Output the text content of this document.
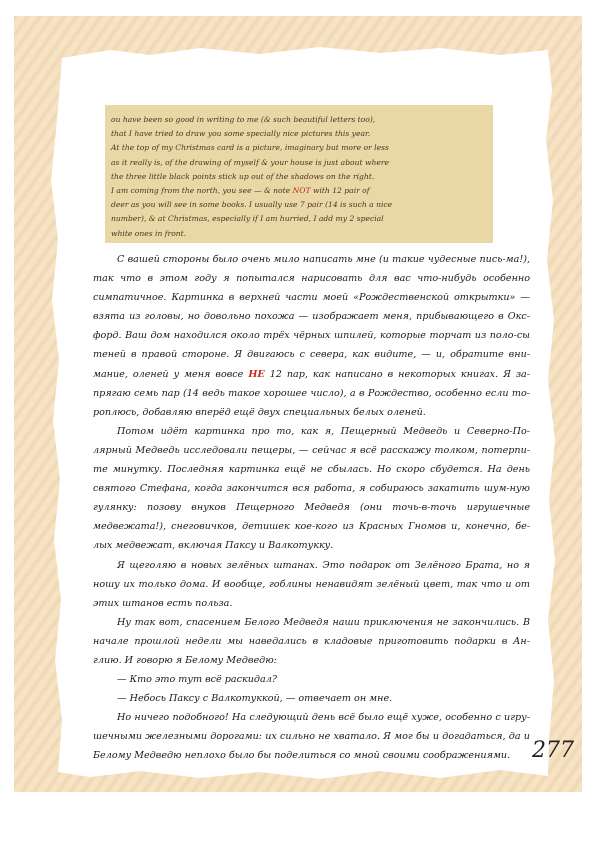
ou have been so good in writing to me (& such beautiful letters too),
that I have tried to draw you some specially nice pictures this year.
At the top of my Christmas card is a picture, imaginary but more or less
as it really is, of the drawing of myself & your house is just about where
the three little black points stick up out of the shadows on the right.
I am coming from the north, you see — & note NOT with 12 pair of
deer as you will see in some books. I usually use 7 pair (14 is such a nice
number), & at Christmas, especially if I am hurried, I add my 2 special
white ones in front.

С вашей стороны было очень мило написать мне (и такие чудесные пись-ма!), так что в этом году я попытался нарисовать для вас что-нибудь особенно симпатичное. Картинка в верхней части моей «Рождественской открытки» — взята из головы, но довольно похожа — изображает меня, прибывающего в Окс-форд. Ваш дом находился около трёх чёрных шпилей, которые торчат из поло-сы теней в правой стороне. Я двигаюсь с севера, как видите, — и, обратите вни-мание, оленей у меня вовсе НЕ 12 пар, как написано в некоторых книгах. Я за-прягаю семь пар (14 ведь такое хорошее число), а в Рождество, особенно если то-роплюсь, добавляю вперёд ещё двух специальных белых оленей.

Потом идёт картинка про то, как я, Пещерный Медведь и Северно-По-лярный Медведь исследовали пещеры, — сейчас я всё расскажу толком, потерпи-те минутку. Последняя картинка ещё не сбылась. Но скоро сбудется. На день святого Стефана, когда закончится вся работа, я собираюсь закатить шум-ную гулянку: позову внуков Пещерного Медведя (они точь-в-точь игрушечные медвежата!), снеговичков, детишек кое-кого из Красных Гномов и, конечно, бе-лых медвежат, включая Паксу и Валкотукку.

Я щеголяю в новых зелёных штанах. Это подарок от Зелёного Брата, но я ношу их только дома. И вообще, гоблины ненавидят зелёный цвет, так что и от этих штанов есть польза.

Ну так вот, спасением Белого Медведя наши приключения не закончились. В начале прошлой недели мы наведались в кладовые приготовить подарки в Ан-глию. И говорю я Белому Медведю:

— Кто это тут всё раскидал?

— Небось Паксу с Валкотуккой, — отвечает он мне.

Но ничего подобного! На следующий день всё было ещё хуже, особенно с игру-шечными железными дорогами: их сильно не хватало. Я мог бы и догадаться, да и Белому Медведю неплохо было бы поделиться со мной своими соображениями. 277
